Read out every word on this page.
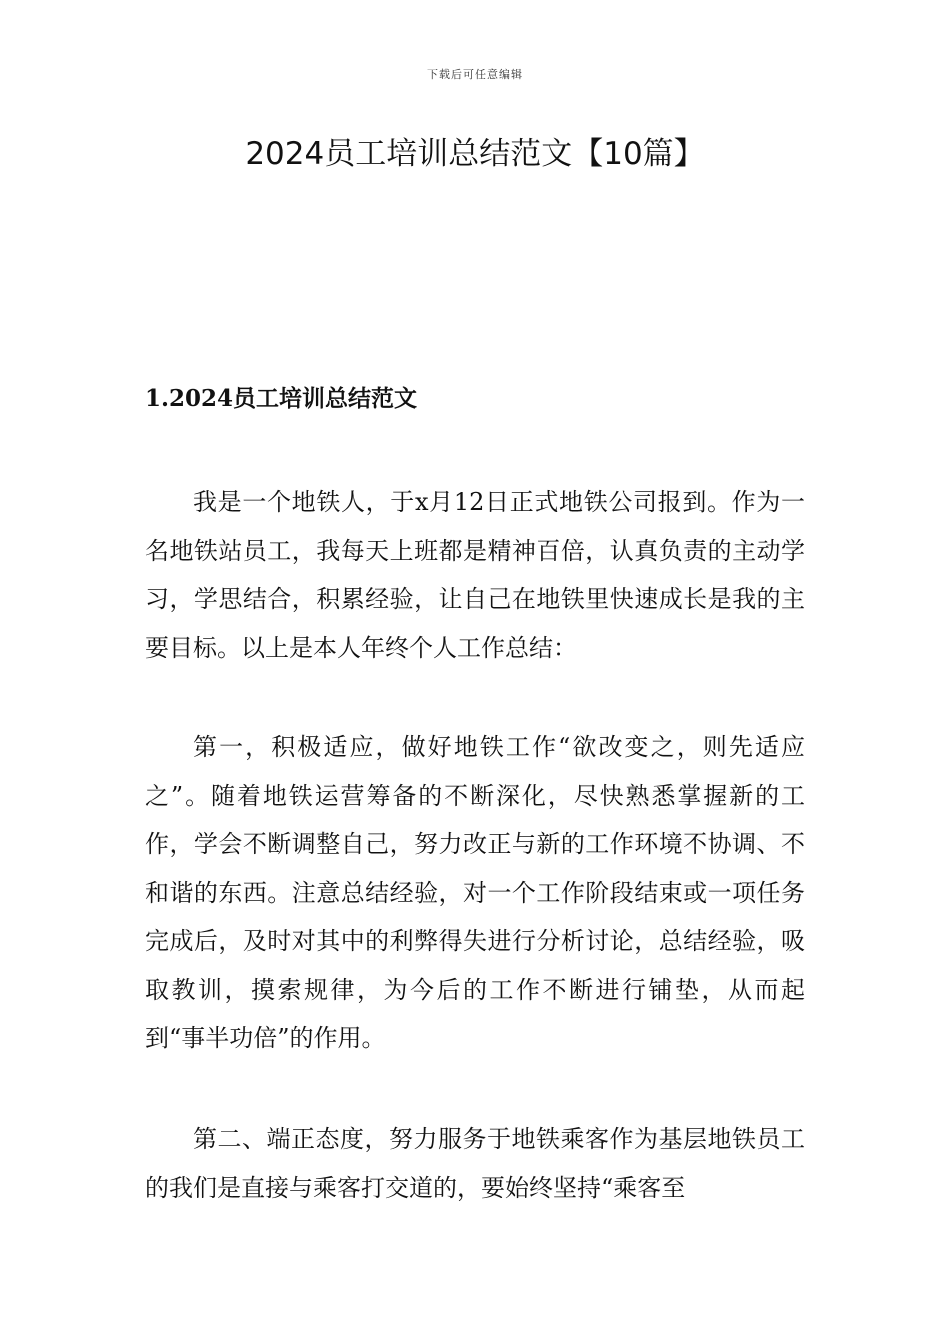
下载后可任意编辑
2024员工培训总结范文【10篇】
1.2024员工培训总结范文

我是一个地铁人，于x月12日正式地铁公司报到。作为一名地铁站员工，我每天上班都是精神百倍，认真负责的主动学习，学思结合，积累经验，让自己在地铁里快速成长是我的主要目标。以上是本人年终个人工作总结：

第一，积极适应，做好地铁工作“欲改变之，则先适应之”。随着地铁运营筹备的不断深化，尽快熟悉掌握新的工作，学会不断调整自己，努力改正与新的工作环境不协调、不和谐的东西。注意总结经验，对一个工作阶段结束或一项任务完成后，及时对其中的利弊得失进行分析讨论，总结经验，吸取教训，摸索规律，为今后的工作不断进行铺垫，从而起到“事半功倍”的作用。

第二、端正态度，努力服务于地铁乘客作为基层地铁员工的我们是直接与乘客打交道的，要始终坚持“乘客至
